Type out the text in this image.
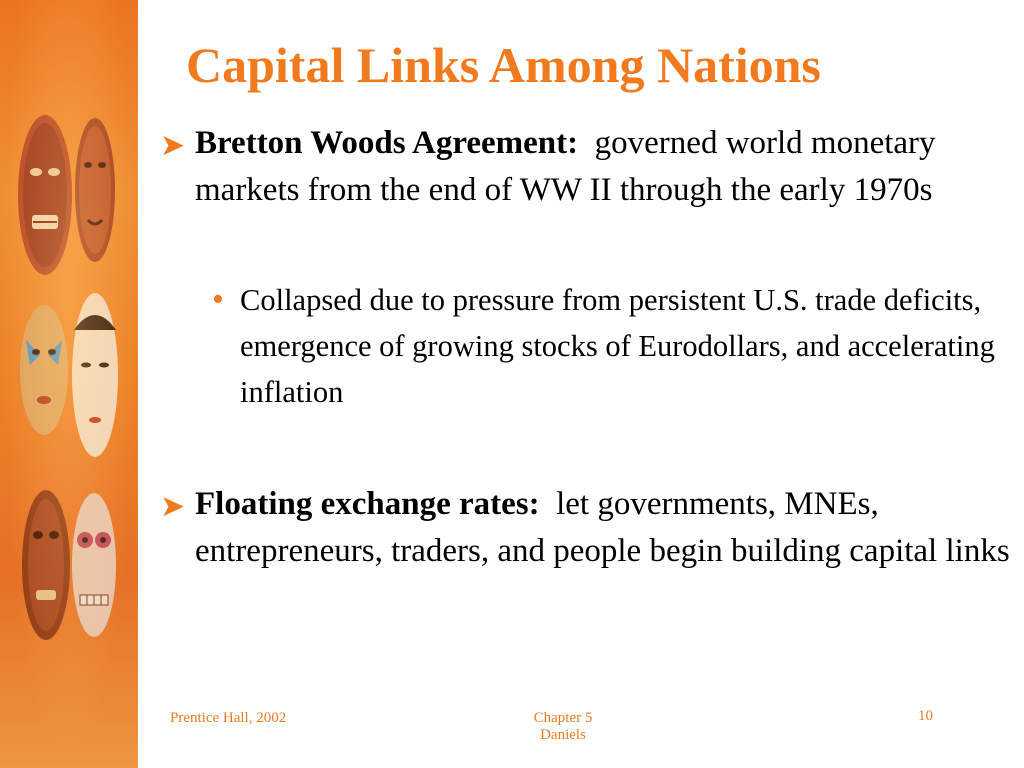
Capital Links Among Nations
➤ Bretton Woods Agreement: governed world monetary markets from the end of WW II through the early 1970s
• Collapsed due to pressure from persistent U.S. trade deficits, emergence of growing stocks of Eurodollars, and accelerating inflation
➤ Floating exchange rates: let governments, MNEs, entrepreneurs, traders, and people begin building capital links
Prentice Hall, 2002	Chapter 5
Daniels
10
